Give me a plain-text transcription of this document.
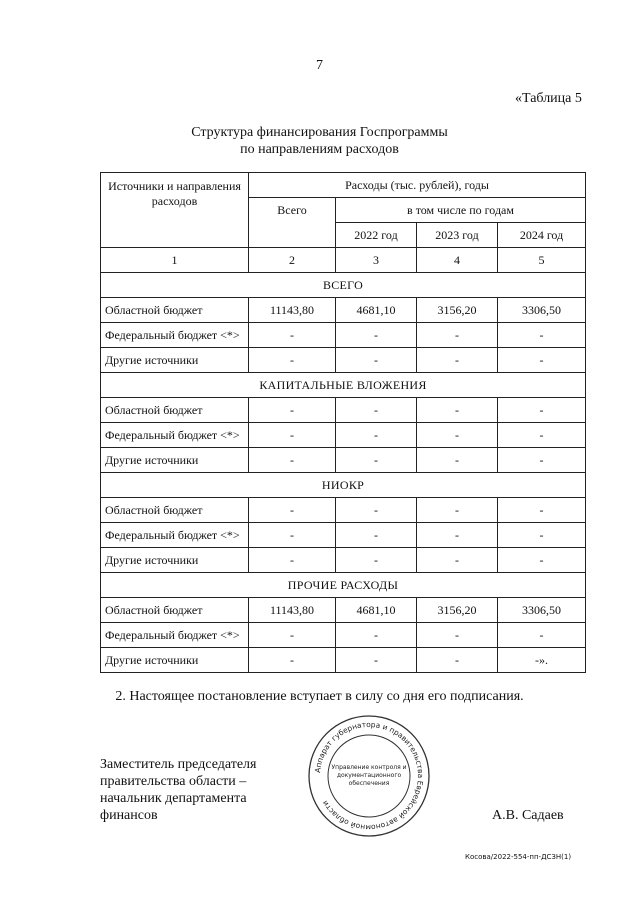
7
«Таблица 5
Структура финансирования Госпрограммы
по направлениям расходов
Источники и направления расходов	Расходы (тыс. рублей), годы			
	Всего	в том числе по годам		
		2022 год	2023 год	2024 год
1	2	3	4	5
ВСЕГО				
Областной бюджет	11143,80	4681,10	3156,20	3306,50
Федеральный бюджет <*>	-	-	-	-
Другие источники	-	-	-	-
КАПИТАЛЬНЫЕ ВЛОЖЕНИЯ				
Областной бюджет	-	-	-	-
Федеральный бюджет <*>	-	-	-	-
Другие источники	-	-	-	-
НИОКР				
Областной бюджет	-	-	-	-
Федеральный бюджет <*>	-	-	-	-
Другие источники	-	-	-	-
ПРОЧИЕ РАСХОДЫ				
Областной бюджет	11143,80	4681,10	3156,20	3306,50
Федеральный бюджет <*>	-	-	-	-
Другие источники	-	-	-	-».
2. Настоящее постановление вступает в силу со дня его подписания.
Заместитель председателя
правительства области –
начальник департамента
финансов	А.В. Садаев
Аппарат губернатора и правительства Еврейской автономной области
Управление контроля и
документационного
обеспечения
Косова/2022-554-пп-ДСЗН(1)
